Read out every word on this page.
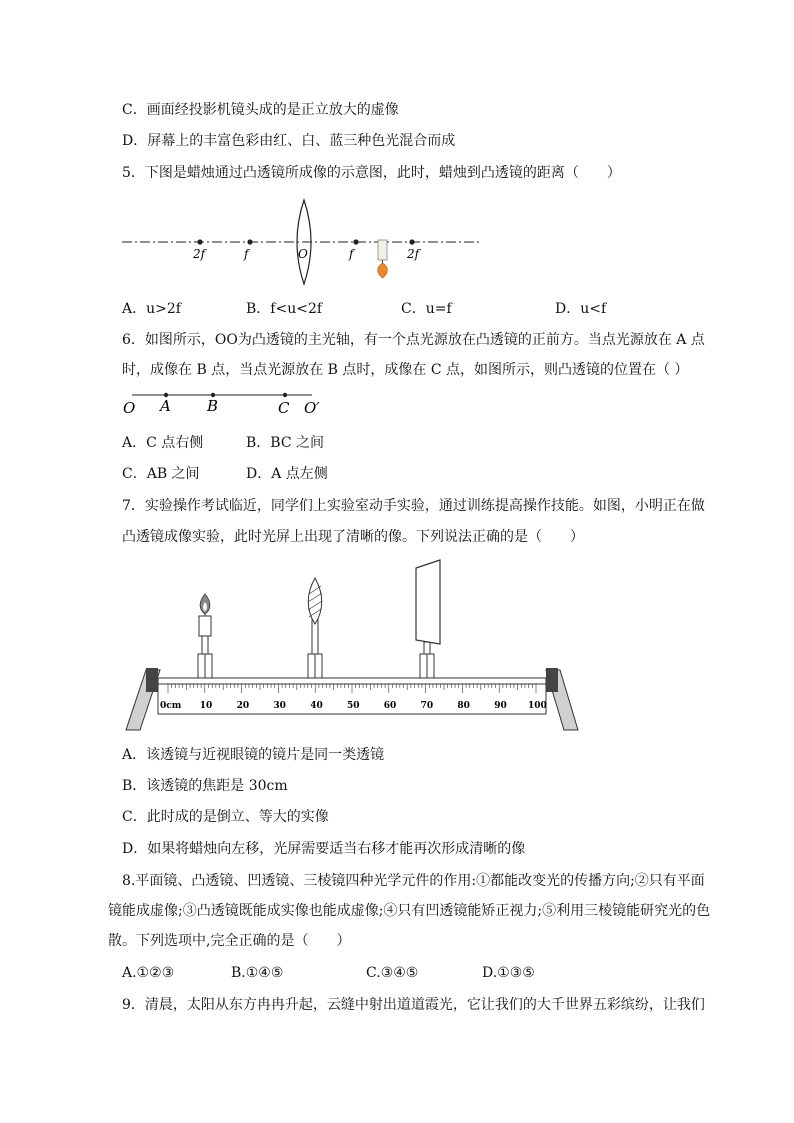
C．画面经投影机镜头成的是正立放大的虚像
D．屏幕上的丰富色彩由红、白、蓝三种色光混合而成
5．下图是蜡烛通过凸透镜所成像的示意图，此时，蜡烛到凸透镜的距离（　　）
2f	f	O	f	2f
A．u>2f	B．f<u<2f	C．u=f	D．u<f
6．如图所示，OO为凸透镜的主光轴，有一个点光源放在凸透镜的正前方。当点光源放在 A 点
时，成像在 B 点，当点光源放在 B 点时，成像在 C 点，如图所示，则凸透镜的位置在（ ）
O A B	C O′
A．C 点右侧	B．BC 之间
C．AB 之间	D．A 点左侧
7．实验操作考试临近，同学们上实验室动手实验，通过训练提高操作技能。如图，小明正在做
凸透镜成像实验，此时光屏上出现了清晰的像。下列说法正确的是（　　）
0cm 10	20	30	40	50	60	70	80	90 100
A．该透镜与近视眼镜的镜片是同一类透镜
B．该透镜的焦距是 30cm
C．此时成的是倒立、等大的实像
D．如果将蜡烛向左移，光屏需要适当右移才能再次形成清晰的像
8.平面镜、凸透镜、凹透镜、三棱镜四种光学元件的作用:①都能改变光的传播方向;②只有平面
镜能成虚像;③凸透镜既能成实像也能成虚像;④只有凹透镜能矫正视力;⑤利用三棱镜能研究光的色
散。下列选项中,完全正确的是（　　）
A.①②③	B.①④⑤	C.③④⑤	D.①③⑤
9．清晨，太阳从东方冉冉升起，云缝中射出道道霞光，它让我们的大千世界五彩缤纷，让我们
